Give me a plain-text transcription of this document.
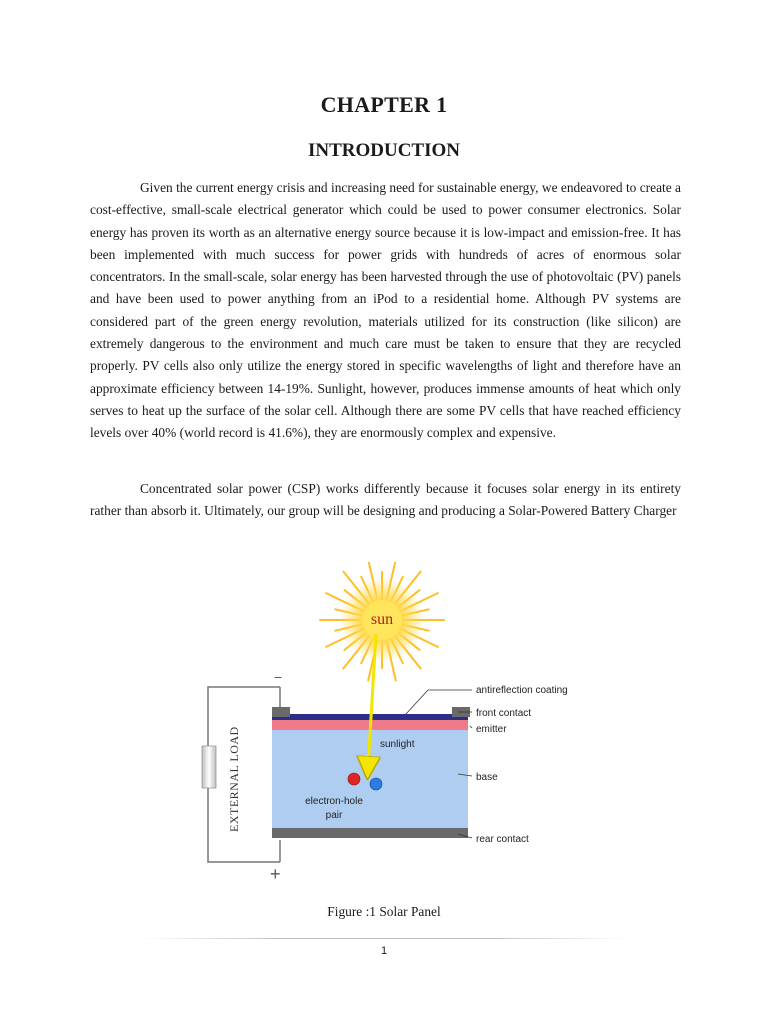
CHAPTER 1
INTRODUCTION

Given the current energy crisis and increasing need for sustainable energy, we endeavored to create a cost-effective, small-scale electrical generator which could be used to power consumer electronics. Solar energy has proven its worth as an alternative energy source because it is low-impact and emission-free. It has been implemented with much success for power grids with hundreds of acres of enormous solar concentrators. In the small-scale, solar energy has been harvested through the use of photovoltaic (PV) panels and have been used to power anything from an iPod to a residential home. Although PV systems are considered part of the green energy revolution, materials utilized for its construction (like silicon) are extremely dangerous to the environment and much care must be taken to ensure that they are recycled properly. PV cells also only utilize the energy stored in specific wavelengths of light and therefore have an approximate efficiency between 14-19%. Sunlight, however, produces immense amounts of heat which only serves to heat up the surface of the solar cell. Although there are some PV cells that have reached efficiency levels over 40% (world record is 41.6%), they are enormously complex and expensive.

Concentrated solar power (CSP) works differently because it focuses solar energy in its entirety rather than absorb it. Ultimately, our group will be designing and producing a Solar-Powered Battery Charger

sun
EXTERNAL LOAD
−
+
sunlight
electron-hole
pair
antireflection coating
front contact
emitter
base
rear contact
Figure :1 Solar Panel
1
